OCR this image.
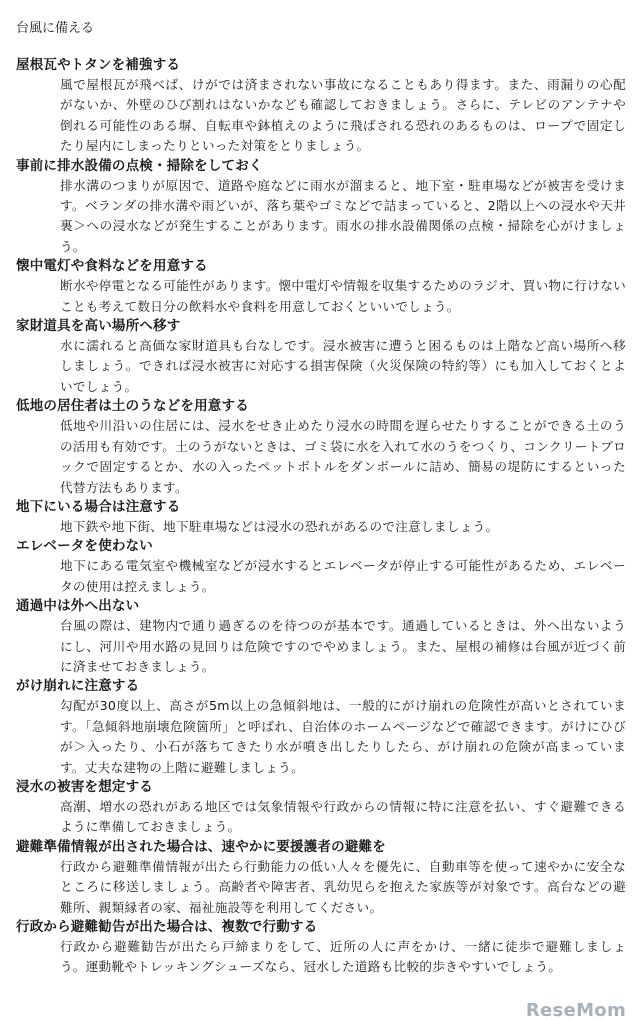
台風に備える
屋根瓦やトタンを補強する
風で屋根瓦が飛べば、けがでは済まされない事故になることもあり得ます。また、雨漏りの心配がないか、外壁のひび割れはないかなども確認しておきましょう。さらに、テレビのアンテナや倒れる可能性のある塀、自転車や鉢植えのように飛ばされる恐れのあるものは、ロープで固定したり屋内にしまったりといった対策をとりましょう。
事前に排水設備の点検・掃除をしておく
排水溝のつまりが原因で、道路や庭などに雨水が溜まると、地下室・駐車場などが被害を受けます。ベランダの排水溝や雨どいが、落ち葉やゴミなどで詰まっていると、2階以上への浸水や天井裏＞への浸水などが発生することがあります。雨水の排水設備関係の点検・掃除を心がけましょう。
懐中電灯や食料などを用意する
断水や停電となる可能性があります。懐中電灯や情報を収集するためのラジオ、買い物に行けないことも考えて数日分の飲料水や食料を用意しておくといいでしょう。
家財道具を高い場所へ移す
水に濡れると高価な家財道具も台なしです。浸水被害に遭うと困るものは上階など高い場所へ移しましょう。できれば浸水被害に対応する損害保険（火災保険の特約等）にも加入しておくとよいでしょう。
低地の居住者は土のうなどを用意する
低地や川沿いの住居には、浸水をせき止めたり浸水の時間を遅らせたりすることができる土のうの活用も有効です。土のうがないときは、ゴミ袋に水を入れて水のうをつくり、コンクリートブロックで固定するとか、水の入ったペットボトルをダンボールに詰め、簡易の堤防にするといった代替方法もあります。
地下にいる場合は注意する
地下鉄や地下街、地下駐車場などは浸水の恐れがあるので注意しましょう。
エレベータを使わない
地下にある電気室や機械室などが浸水するとエレベータが停止する可能性があるため、エレベータの使用は控えましょう。
通過中は外へ出ない
台風の際は、建物内で通り過ぎるのを待つのが基本です。通過しているときは、外へ出ないようにし、河川や用水路の見回りは危険ですのでやめましょう。また、屋根の補修は台風が近づく前に済ませておきましょう。
がけ崩れに注意する
勾配が30度以上、高さが5m以上の急傾斜地は、一般的にがけ崩れの危険性が高いとされています。「急傾斜地崩壊危険箇所」と呼ばれ、自治体のホームページなどで確認できます。がけにひびが＞入ったり、小石が落ちてきたり水が噴き出したりしたら、がけ崩れの危険が高まっています。丈夫な建物の上階に避難しましょう。
浸水の被害を想定する
高潮、増水の恐れがある地区では気象情報や行政からの情報に特に注意を払い、すぐ避難できるように準備しておきましょう。
避難準備情報が出された場合は、速やかに要援護者の避難を
行政から避難準備情報が出たら行動能力の低い人々を優先に、自動車等を使って速やかに安全なところに移送しましょう。高齢者や障害者、乳幼児らを抱えた家族等が対象です。高台などの避難所、親類縁者の家、福祉施設等を利用してください。
行政から避難勧告が出た場合は、複数で行動する
行政から避難勧告が出たら戸締まりをして、近所の人に声をかけ、一緒に徒歩で避難しましょう。運動靴やトレッキングシューズなら、冠水した道路も比較的歩きやすいでしょう。
ReseMom
